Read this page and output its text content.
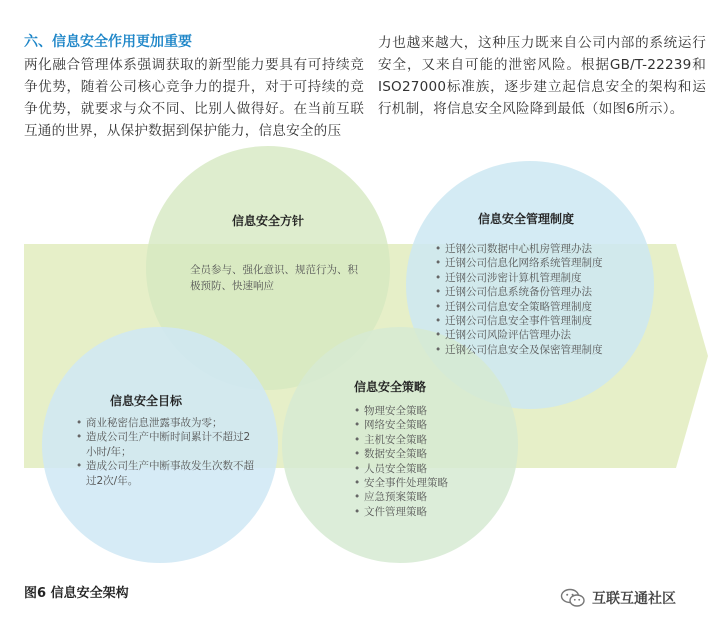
六、信息安全作用更加重要

两化融合管理体系强调获取的新型能力要具有可持续竞争优势，随着公司核心竞争力的提升，对于可持续的竞争优势，就要求与众不同、比别人做得好。在当前互联互通的世界，从保护数据到保护能力，信息安全的压

力也越来越大，这种压力既来自公司内部的系统运行安全，又来自可能的泄密风险。根据GB/T-22239和ISO27000标准族，逐步建立起信息安全的架构和运行机制，将信息安全风险降到最低（如图6所示）。

信息安全方针
全员参与、强化意识、规范行为、积极预防、快速响应
信息安全管理制度
• 迁钢公司数据中心机房管理办法
• 迁钢公司信息化网络系统管理制度
• 迁钢公司涉密计算机管理制度
• 迁钢公司信息系统备份管理办法
• 迁钢公司信息安全策略管理制度
• 迁钢公司信息安全事件管理制度
• 迁钢公司风险评估管理办法
• 迁钢公司信息安全及保密管理制度
信息安全目标
• 商业秘密信息泄露事故为零；
• 造成公司生产中断时间累计不超过2小时/年；
• 造成公司生产中断事故发生次数不超过2次/年。
信息安全策略
• 物理安全策略
• 网络安全策略
• 主机安全策略
• 数据安全策略
• 人员安全策略
• 安全事件处理策略
• 应急预案策略
• 文件管理策略
图6 信息安全架构	互联互通社区
